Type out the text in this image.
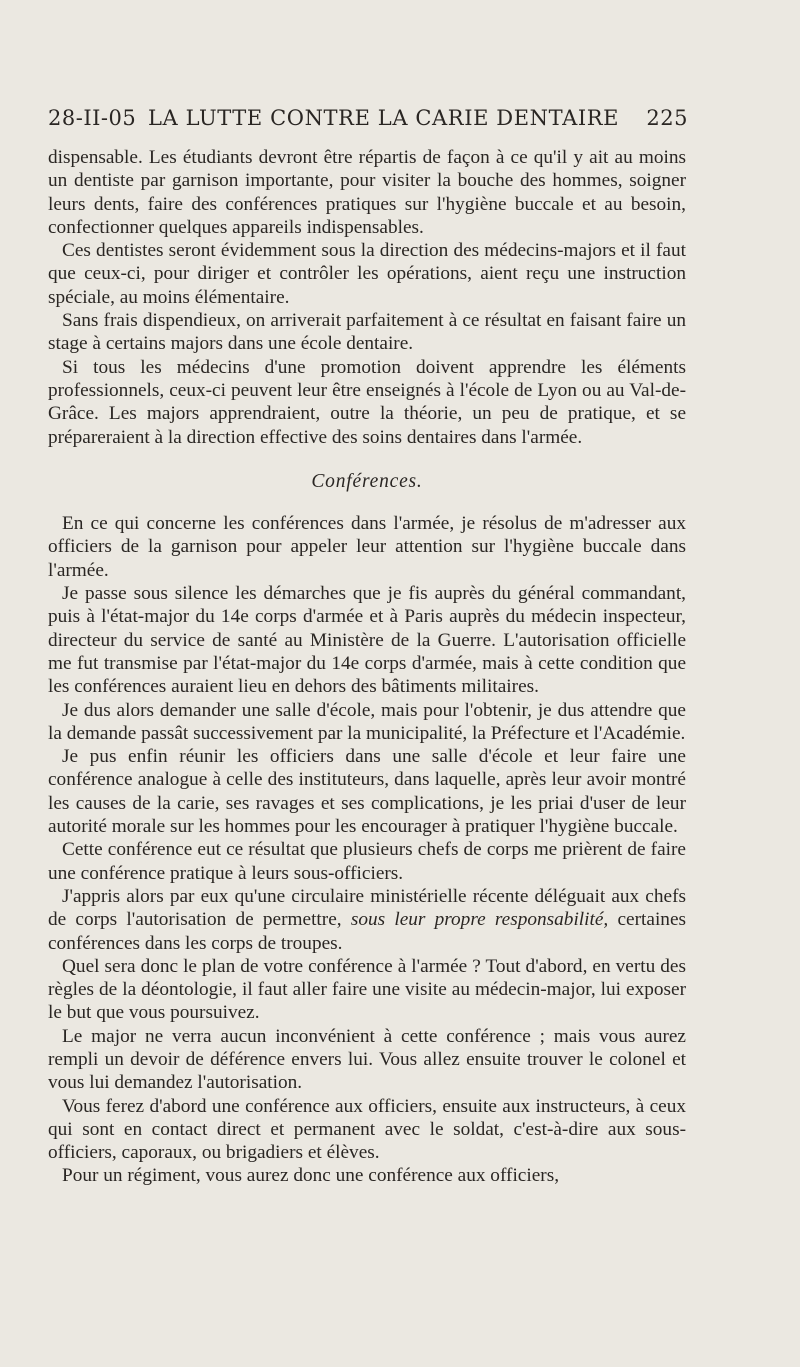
28-II-05 LA LUTTE CONTRE LA CARIE DENTAIRE 225

dispensable. Les étudiants devront être répartis de façon à ce qu'il y ait au moins un dentiste par garnison importante, pour visiter la bouche des hommes, soigner leurs dents, faire des conférences pratiques sur l'hygiène buccale et au besoin, confectionner quelques appareils indispensables.

Ces dentistes seront évidemment sous la direction des médecins-majors et il faut que ceux-ci, pour diriger et contrôler les opérations, aient reçu une instruction spéciale, au moins élémentaire.

Sans frais dispendieux, on arriverait parfaitement à ce résultat en faisant faire un stage à certains majors dans une école dentaire.

Si tous les médecins d'une promotion doivent apprendre les éléments professionnels, ceux-ci peuvent leur être enseignés à l'école de Lyon ou au Val-de-Grâce. Les majors apprendraient, outre la théorie, un peu de pratique, et se prépareraient à la direction effective des soins dentaires dans l'armée.

Conférences.

En ce qui concerne les conférences dans l'armée, je résolus de m'adresser aux officiers de la garnison pour appeler leur attention sur l'hygiène buccale dans l'armée.

Je passe sous silence les démarches que je fis auprès du général commandant, puis à l'état-major du 14e corps d'armée et à Paris auprès du médecin inspecteur, directeur du service de santé au Ministère de la Guerre. L'autorisation officielle me fut transmise par l'état-major du 14e corps d'armée, mais à cette condition que les conférences auraient lieu en dehors des bâtiments militaires.

Je dus alors demander une salle d'école, mais pour l'obtenir, je dus attendre que la demande passât successivement par la municipalité, la Préfecture et l'Académie.

Je pus enfin réunir les officiers dans une salle d'école et leur faire une conférence analogue à celle des instituteurs, dans laquelle, après leur avoir montré les causes de la carie, ses ravages et ses complications, je les priai d'user de leur autorité morale sur les hommes pour les encourager à pratiquer l'hygiène buccale.

Cette conférence eut ce résultat que plusieurs chefs de corps me prièrent de faire une conférence pratique à leurs sous-officiers.

J'appris alors par eux qu'une circulaire ministérielle récente déléguait aux chefs de corps l'autorisation de permettre, sous leur propre responsabilité, certaines conférences dans les corps de troupes.

Quel sera donc le plan de votre conférence à l'armée ? Tout d'abord, en vertu des règles de la déontologie, il faut aller faire une visite au médecin-major, lui exposer le but que vous poursuivez.

Le major ne verra aucun inconvénient à cette conférence ; mais vous aurez rempli un devoir de déférence envers lui. Vous allez ensuite trouver le colonel et vous lui demandez l'autorisation.

Vous ferez d'abord une conférence aux officiers, ensuite aux instructeurs, à ceux qui sont en contact direct et permanent avec le soldat, c'est-à-dire aux sous-officiers, caporaux, ou brigadiers et élèves.

Pour un régiment, vous aurez donc une conférence aux officiers,
